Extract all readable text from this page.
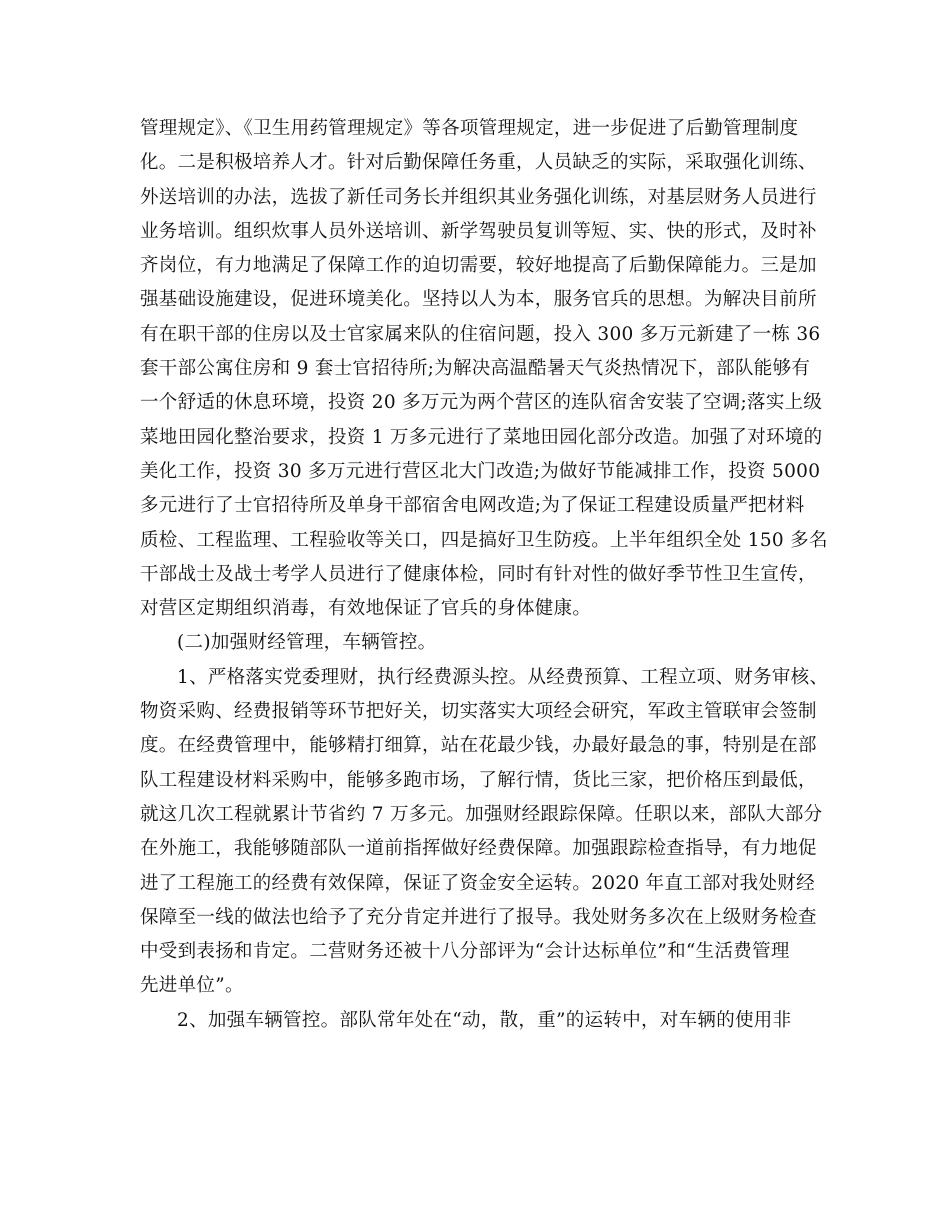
管理规定》、《卫生用药管理规定》等各项管理规定，进一步促进了后勤管理制度
化。二是积极培养人才。针对后勤保障任务重，人员缺乏的实际，采取强化训练、
外送培训的办法，选拔了新任司务长并组织其业务强化训练，对基层财务人员进行
业务培训。组织炊事人员外送培训、新学驾驶员复训等短、实、快的形式，及时补
齐岗位，有力地满足了保障工作的迫切需要，较好地提高了后勤保障能力。三是加
强基础设施建设，促进环境美化。坚持以人为本，服务官兵的思想。为解决目前所
有在职干部的住房以及士官家属来队的住宿问题，投入 300 多万元新建了一栋 36
套干部公寓住房和 9 套士官招待所;为解决高温酷暑天气炎热情况下，部队能够有
一个舒适的休息环境，投资 20 多万元为两个营区的连队宿舍安装了空调;落实上级
菜地田园化整治要求，投资 1 万多元进行了菜地田园化部分改造。加强了对环境的
美化工作，投资 30 多万元进行营区北大门改造;为做好节能减排工作，投资 5000
多元进行了士官招待所及单身干部宿舍电网改造;为了保证工程建设质量严把材料
质检、工程监理、工程验收等关口，四是搞好卫生防疫。上半年组织全处 150 多名
干部战士及战士考学人员进行了健康体检，同时有针对性的做好季节性卫生宣传，
对营区定期组织消毒，有效地保证了官兵的身体健康。
(二)加强财经管理，车辆管控。
1、严格落实党委理财，执行经费源头控。从经费预算、工程立项、财务审核、
物资采购、经费报销等环节把好关，切实落实大项经会研究，军政主管联审会签制
度。在经费管理中，能够精打细算，站在花最少钱，办最好最急的事，特别是在部
队工程建设材料采购中，能够多跑市场，了解行情，货比三家，把价格压到最低，
就这几次工程就累计节省约 7 万多元。加强财经跟踪保障。任职以来，部队大部分
在外施工，我能够随部队一道前指挥做好经费保障。加强跟踪检查指导，有力地促
进了工程施工的经费有效保障，保证了资金安全运转。2020 年直工部对我处财经
保障至一线的做法也给予了充分肯定并进行了报导。我处财务多次在上级财务检查
中受到表扬和肯定。二营财务还被十八分部评为“会计达标单位”和“生活费管理
先进单位”。
2、加强车辆管控。部队常年处在“动，散，重”的运转中，对车辆的使用非
